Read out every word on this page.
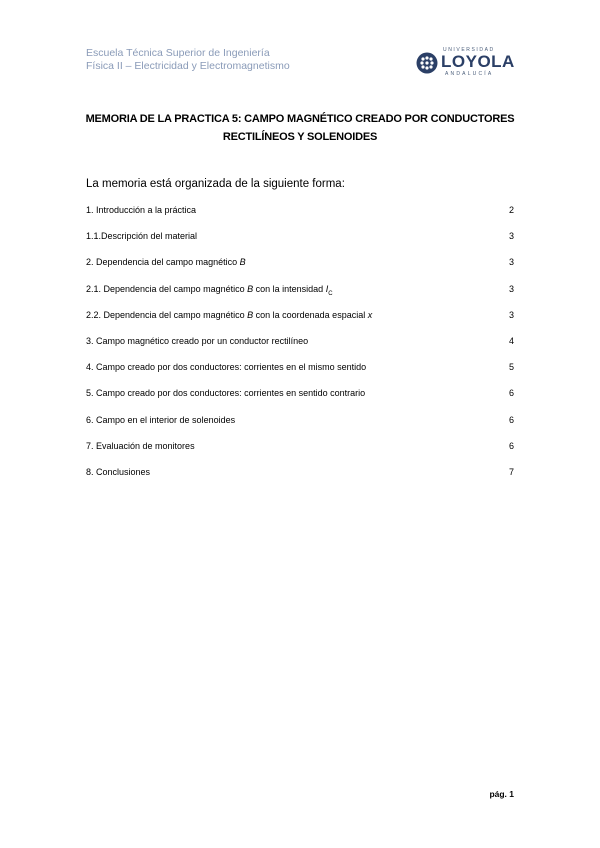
Escuela Técnica Superior de Ingeniería
Física II – Electricidad y Electromagnetismo
UNIVERSIDAD
LOYOLA
ANDALUCÍA
MEMORIA DE LA PRACTICA 5: CAMPO MAGNÉTICO CREADO POR CONDUCTORES
RECTILÍNEOS Y SOLENOIDES
La memoria está organizada de la siguiente forma:
1. Introducción a la práctica	2
1.1.Descripción del material	3
2. Dependencia del campo magnético B	3
2.1. Dependencia del campo magnético B con la intensidad $I_C$	3
2.2. Dependencia del campo magnético B con la coordenada espacial x	3
3. Campo magnético creado por un conductor rectilíneo	4
4. Campo creado por dos conductores: corrientes en el mismo sentido	5
5. Campo creado por dos conductores: corrientes en sentido contrario	6
6. Campo en el interior de solenoides	6
7. Evaluación de monitores	6
8. Conclusiones	7
pág. 1
